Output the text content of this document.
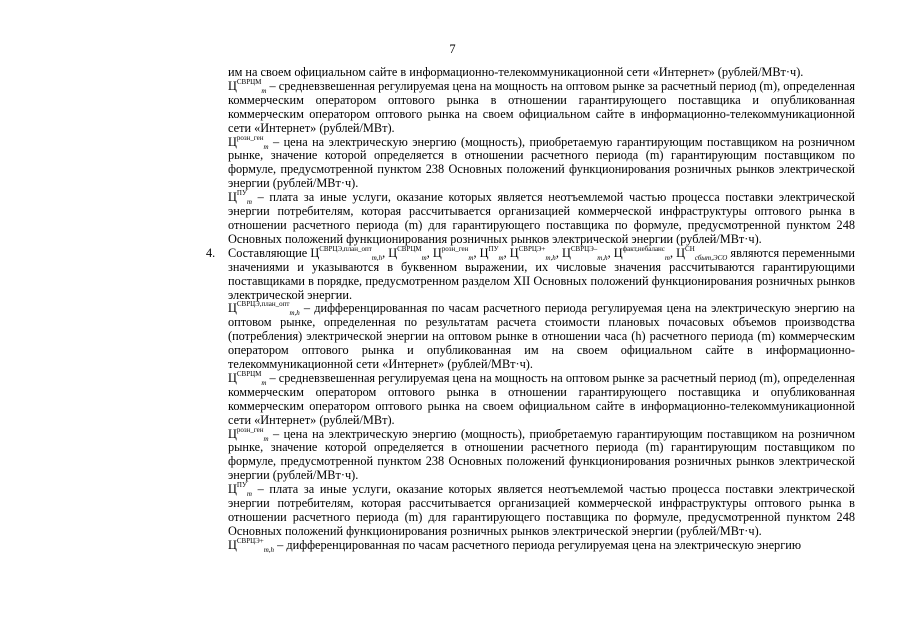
7

им на своем официальном сайте в информационно-телекоммуникационной сети «Интернет» (рублей/МВт·ч).

$Ц^{СВРЦМ}_m$ – средневзвешенная регулируемая цена на мощность на оптовом рынке за расчетный период (m), определенная коммерческим оператором оптового рынка в отношении гарантирующего поставщика и опубликованная коммерческим оператором оптового рынка на своем официальном сайте в информационно-телекоммуникационной сети «Интернет» (рублей/МВт).

$Ц^{розн\_ген}_m$ – цена на электрическую энергию (мощность), приобретаемую гарантирующим поставщиком на розничном рынке, значение которой определяется в отношении расчетного периода (m) гарантирующим поставщиком по формуле, предусмотренной пунктом 238 Основных положений функционирования розничных рынков электрической энергии (рублей/МВт·ч).

$Ц^{ПУ}_m$ – плата за иные услуги, оказание которых является неотъемлемой частью процесса поставки электрической энергии потребителям, которая рассчитывается организацией коммерческой инфраструктуры оптового рынка в отношении расчетного периода (m) для гарантирующего поставщика по формуле, предусмотренной пунктом 248 Основных положений функционирования розничных рынков электрической энергии (рублей/МВт·ч).

4. Составляющие $Ц^{СВРЦЭ,план\_опт}_{m,h}$, $Ц^{СВРЦМ}_m$, $Ц^{розн\_ген}_m$, $Ц^{ПУ}_m$, $Ц^{СВРЦЭ+}_{m,h}$, $Ц^{СВРЦЭ-}_{m,h}$, $Ц^{факт,небаланс}_m$, $Ц^{СН}_{сбыт,ЭСО}$ являются переменными значениями и указываются в буквенном выражении, их числовые значения рассчитываются гарантирующими поставщиками в порядке, предусмотренном разделом XII Основных положений функционирования розничных рынков электрической энергии.

$Ц^{СВРЦЭ,план\_опт}_{m,h}$ – дифференцированная по часам расчетного периода регулируемая цена на электрическую энергию на оптовом рынке, определенная по результатам расчета стоимости плановых почасовых объемов производства (потребления) электрической энергии на оптовом рынке в отношении часа (h) расчетного периода (m) коммерческим оператором оптового рынка и опубликованная им на своем официальном сайте в информационно-телекоммуникационной сети «Интернет» (рублей/МВт·ч).

$Ц^{СВРЦМ}_m$ – средневзвешенная регулируемая цена на мощность на оптовом рынке за расчетный период (m), определенная коммерческим оператором оптового рынка в отношении гарантирующего поставщика и опубликованная коммерческим оператором оптового рынка на своем официальном сайте в информационно-телекоммуникационной сети «Интернет» (рублей/МВт).

$Ц^{розн\_ген}_m$ – цена на электрическую энергию (мощность), приобретаемую гарантирующим поставщиком на розничном рынке, значение которой определяется в отношении расчетного периода (m) гарантирующим поставщиком по формуле, предусмотренной пунктом 238 Основных положений функционирования розничных рынков электрической энергии (рублей/МВт·ч).

$Ц^{ПУ}_m$ – плата за иные услуги, оказание которых является неотъемлемой частью процесса поставки электрической энергии потребителям, которая рассчитывается организацией коммерческой инфраструктуры оптового рынка в отношении расчетного периода (m) для гарантирующего поставщика по формуле, предусмотренной пунктом 248 Основных положений функционирования розничных рынков электрической энергии (рублей/МВт·ч).

$Ц^{СВРЦЭ+}_{m,h}$ – дифференцированная по часам расчетного периода регулируемая цена на электрическую энергию
